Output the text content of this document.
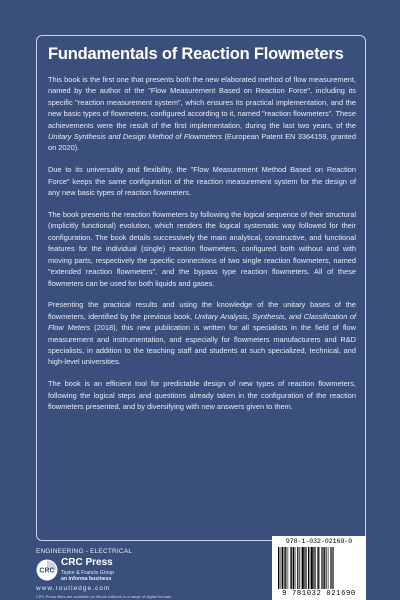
Fundamentals of Reaction Flowmeters

This book is the first one that presents both the new elaborated method of flow measurement, named by the author of the "Flow Measurement Based on Reaction Force", including its specific "reaction measurement system", which ensures its practical implementation, and the new basic types of flowmeters, configured according to it, named "reaction flowmeters". These achievements were the result of the first implementation, during the last two years, of the Unitary Synthesis and Design Method of Flowmeters (European Patent EN 3364159, granted on 2020).

Due to its universality and flexibility, the "Flow Measurement Method Based on Reaction Force" keeps the same configuration of the reaction measurement system for the design of any new basic types of reaction flowmeters.

The book presents the reaction flowmeters by following the logical sequence of their structural (implicitly functional) evolution, which renders the logical systematic way followed for their configuration. The book details successively the main analytical, constructive, and functional features for the individual (single) reaction flowmeters, configured both without and with moving parts, respectively the specific connections of two single reaction flowmeters, named "extended reaction flowmeters", and the bypass type reaction flowmeters. All of these flowmeters can be used for both liquids and gases.

Presenting the practical results and using the knowledge of the unitary bases of the flowmeters, identified by the previous book, Unitary Analysis, Synthesis, and Classification of Flow Meters (2018), this new publication is written for all specialists in the field of flow measurement and instrumentation, and especially for flowmeters manufacturers and R&D specialists, in addition to the teaching staff and students at such specialized, technical, and high-level universities.

The book is an efficient tool for predictable design of new types of reaction flowmeters, following the logical steps and questions already taken in the configuration of the reaction flowmeters presented, and by diversifying with new answers given to them.

ENGINEERING - ELECTRICAL
CRC
CRC Press
Taylor & Francis Group
an informa business
www.routledge.com
CRC Press titles are available as eBook editions in a range of digital formats
978-1-032-02169-0
9 781032 021690
